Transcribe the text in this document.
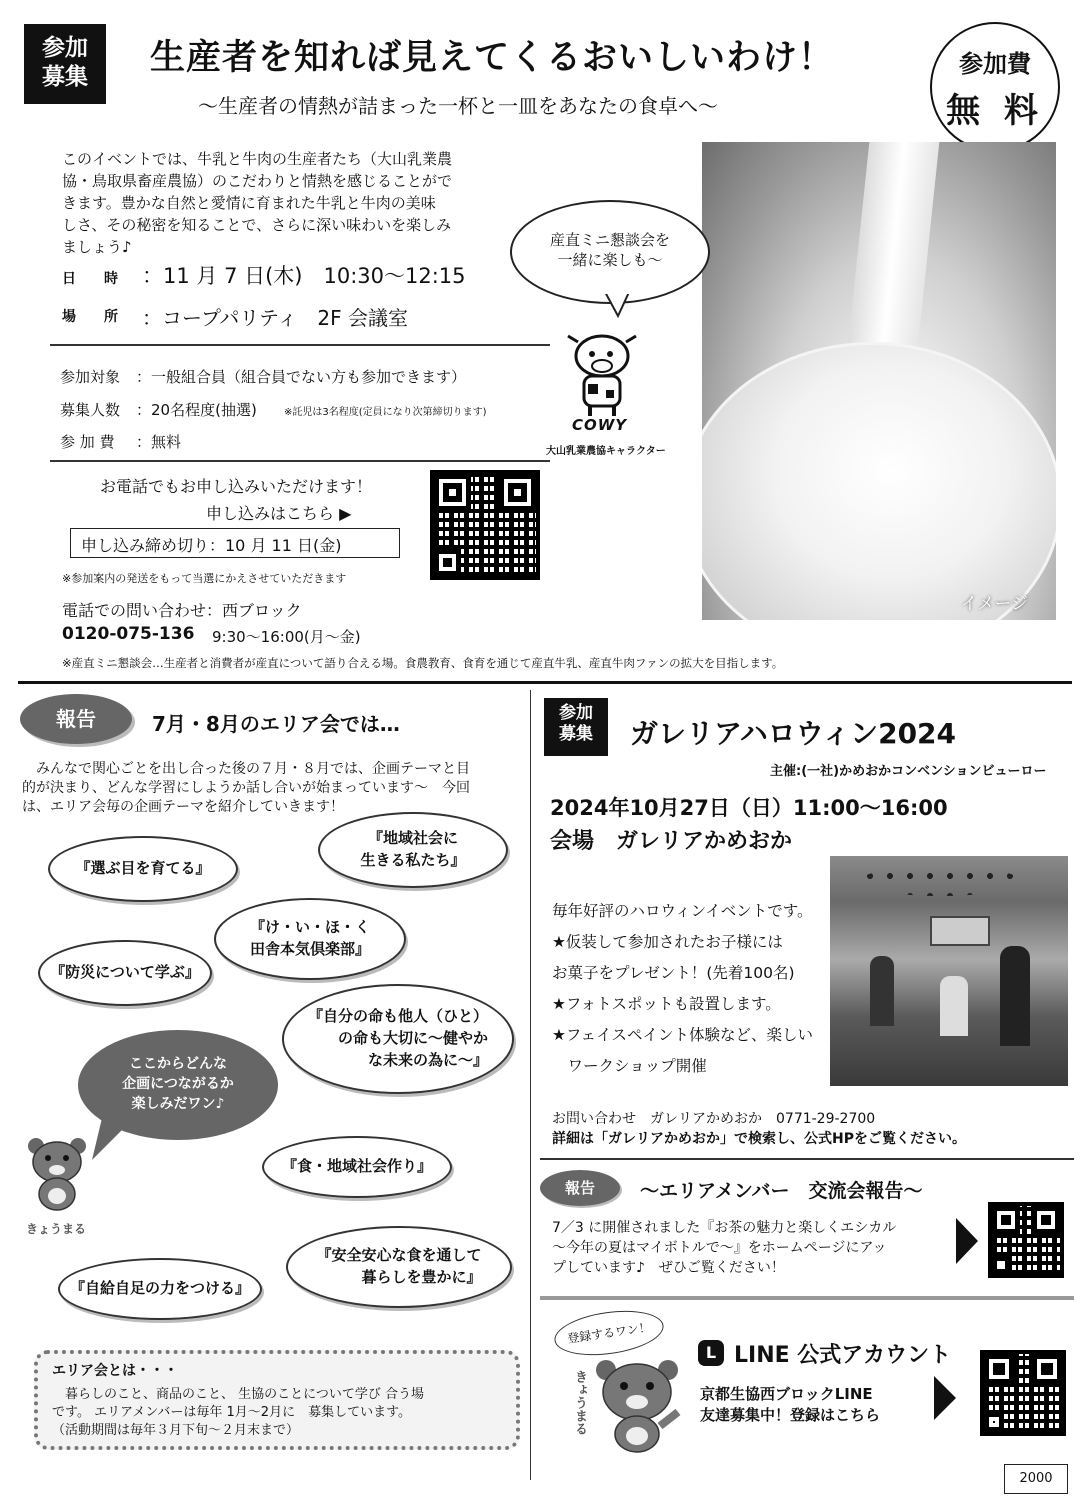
参加
募集	生産者を知れば見えてくるおいしいわけ！
～生産者の情熱が詰まった一杯と一皿をあなたの食卓へ～
参加費
無 料
このイベントでは、牛乳と牛肉の生産者たち（大山乳業農
協・鳥取県畜産農協）のこだわりと情熱を感じることがで
きます。豊かな自然と愛情に育まれた牛乳と牛肉の美味
しさ、その秘密を知ることで、さらに深い味わいを楽しみ
ましょう♪
日　　時 ：11 月 7 日(木)　10:30～12:15
場　　所 ：コープパリティ　2F 会議室
参加対象 ：一般組合員（組合員でない方も参加できます）
募集人数 ：20名程度(抽選)	※託児は3名程度(定員になり次第締切ります)
参 加 費 ：無料
お電話でもお申し込みいただけます！
申し込みはこちら ▶
申し込み締め切り：10 月 11 日(金)
※参加案内の発送をもって当選にかえさせていただきます
電話での問い合わせ：西ブロック
0120-075-136 9:30～16:00(月～金)
イメージ
産直ミニ懇談会を
一緒に楽しも～
COWY
大山乳業農協キャラクター
※産直ミニ懇談会…生産者と消費者が産直について語り合える場。食農教育、食育を通じて産直牛乳、産直牛肉ファンの拡大を目指します。
報告	7月・8月のエリア会では…
　みんなで関心ごとを出し合った後の７月・８月では、企画テーマと目
的が決まり、どんな学習にしようか話し合いが始まっています～　今回
は、エリア会毎の企画テーマを紹介していきます！
『選ぶ目を育てる』
『地域社会に
生きる私たち』
『け・い・ほ・く
田舎本気倶楽部』
『防災について学ぶ』
『自分の命も他人（ひと）
の命も大切に～健やか
な未来の為に～』
ここからどんな
企画につながるか
楽しみだワン♪
『食・地域社会作り』
『安全安心な食を通して
暮らしを豊かに』
『自給自足の力をつける』
きょうまる
エリア会とは・・・
　暮らしのこと、商品のこと、 生協のことについて学び 合う場
です。 エリアメンバーは毎年 1月～2月に　募集しています。
（活動期間は毎年３月下旬～２月末まで）
参加
募集	ガレリアハロウィン2024
主催:(一社)かめおかコンベンションビューロー
2024年10月27日（日）11:00～16:00
会場　ガレリアかめおか
毎年好評のハロウィンイベントです。
★仮装して参加されたお子様には
お菓子をプレゼント！(先着100名)
★フォトスポットも設置します。
★フェイスペイント体験など、楽しい
　ワークショップ開催
お問い合わせ　ガレリアかめおか　0771-29-2700
詳細は「ガレリアかめおか」で検索し、公式HPをご覧ください。
報告	～エリアメンバー　交流会報告～
7／3 に開催されました『お茶の魅力と楽しくエシカル
～今年の夏はマイボトルで～』をホームページにアッ
プしています♪　ぜひご覧ください！
登録するワン！
きょうまる
L LINE 公式アカウント
京都生協西ブロックLINE
友達募集中！登録はこちら
2000
